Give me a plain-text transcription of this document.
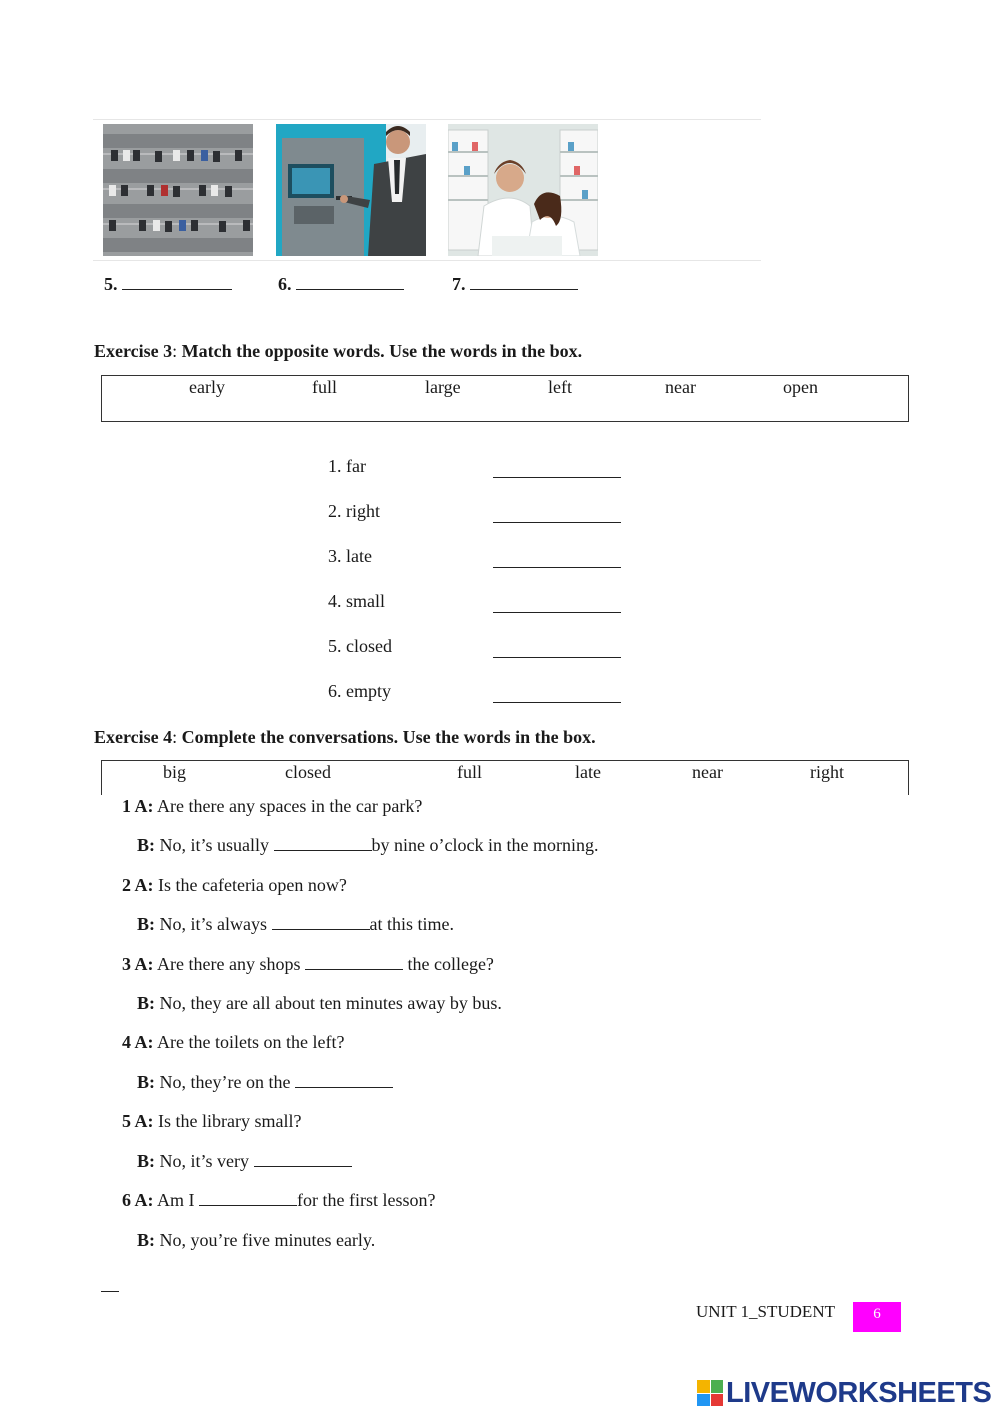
5.	6.	7.
Exercise 3: Match the opposite words. Use the words in the box.
early	full	large	left	near	open
1. far
2. right
3. late
4. small
5. closed
6. empty
Exercise 4: Complete the conversations. Use the words in the box.
big	closed	full	late	near	right
1 A: Are there any spaces in the car park?
B: No, it’s usually	by nine o’clock in the morning.
2 A: Is the cafeteria open now?
B: No, it’s always	at this time.
3 A: Are there any shops	the college?
B: No, they are all about ten minutes away by bus.
4 A: Are the toilets on the left?
B: No, they’re on the
5 A: Is the library small?
B: No, it’s very
6 A: Am I	for the first lesson?
B: No, you’re five minutes early.
UNIT 1_STUDENT	6
LIVEWORKSHEETS
